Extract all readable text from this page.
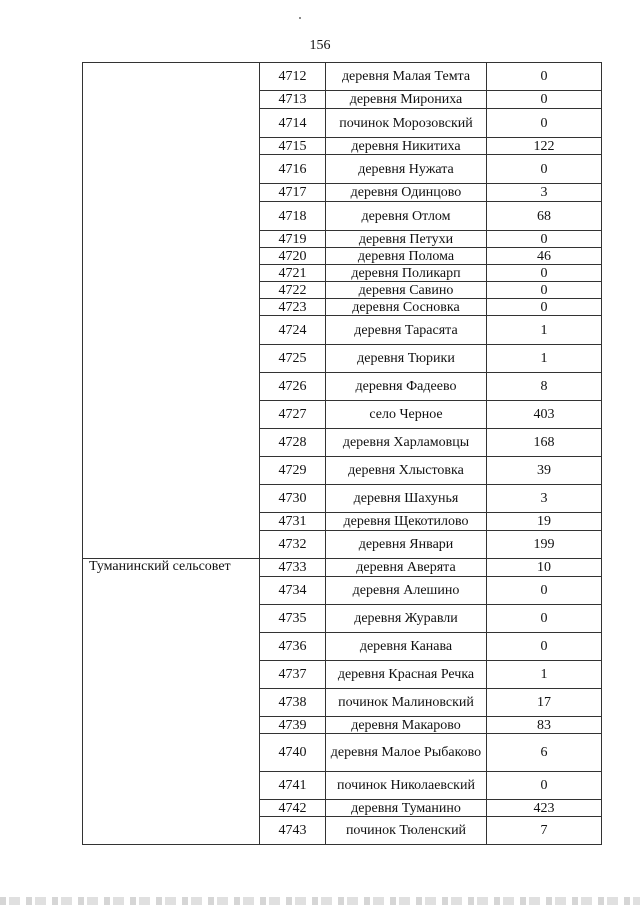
156
	4712	деревня Малая Темта	0
	4713	деревня Мирониха	0
	4714	починок Морозовский	0
	4715	деревня Никитиха	122
	4716	деревня Нужата	0
	4717	деревня Одинцово	3
	4718	деревня Отлом	68
	4719	деревня Петухи	0
	4720	деревня Полома	46
	4721	деревня Поликарп	0
	4722	деревня Савино	0
	4723	деревня Сосновка	0
	4724	деревня Тарасята	1
	4725	деревня Тюрики	1
	4726	деревня Фадеево	8
	4727	село Черное	403
	4728	деревня Харламовцы	168
	4729	деревня Хлыстовка	39
	4730	деревня Шахунья	3
	4731	деревня Щекотилово	19
	4732	деревня Январи	199
Туманинский сельсовет	4733	деревня Аверята	10
	4734	деревня Алешино	0
	4735	деревня Журавли	0
	4736	деревня Канава	0
	4737	деревня Красная Речка	1
	4738	починок Малиновский	17
	4739	деревня Макарово	83
	4740	деревня Малое Рыбаково	6
	4741	починок Николаевский	0
	4742	деревня Туманино	423
	4743	починок Тюленский	7
